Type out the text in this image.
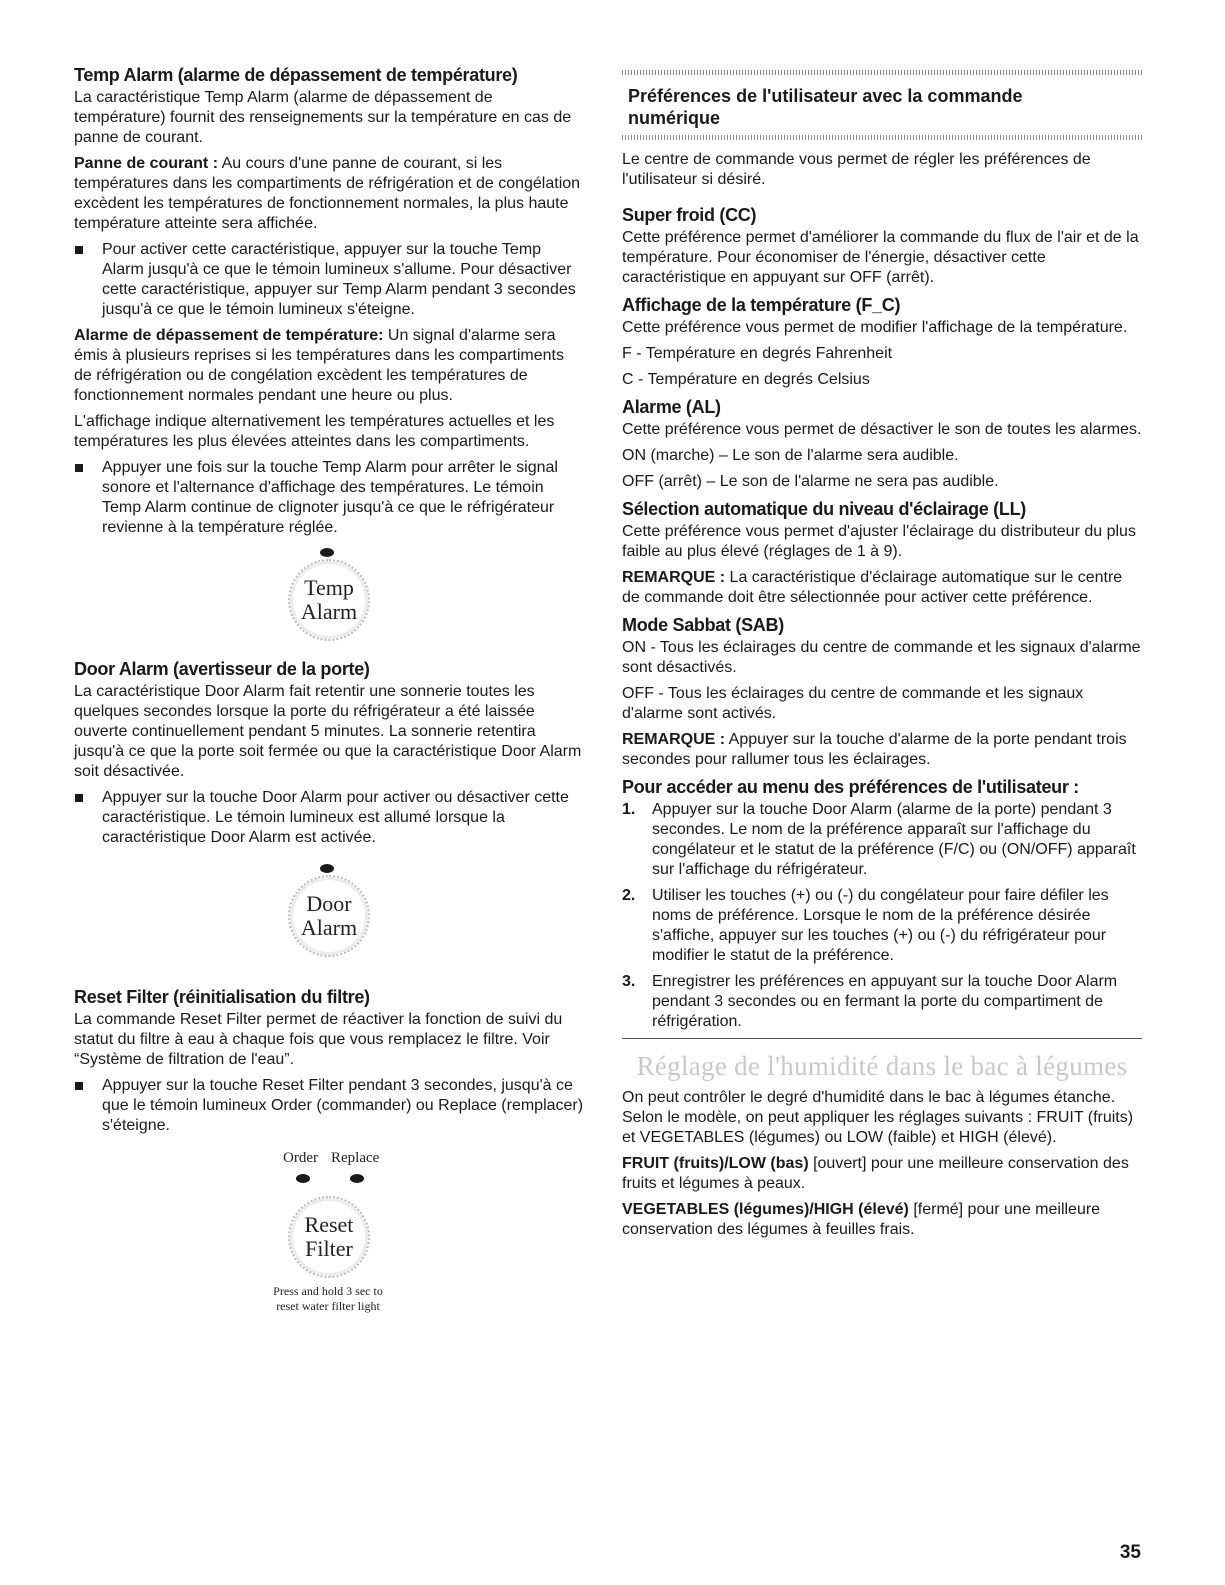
Temp Alarm (alarme de dépassement de température)

La caractéristique Temp Alarm (alarme de dépassement de température) fournit des renseignements sur la température en cas de panne de courant.

Panne de courant : Au cours d'une panne de courant, si les températures dans les compartiments de réfrigération et de congélation excèdent les températures de fonctionnement normales, la plus haute température atteinte sera affichée.

Pour activer cette caractéristique, appuyer sur la touche Temp Alarm jusqu'à ce que le témoin lumineux s'allume. Pour désactiver cette caractéristique, appuyer sur Temp Alarm pendant 3 secondes jusqu'à ce que le témoin lumineux s'éteigne.

Alarme de dépassement de température: Un signal d'alarme sera émis à plusieurs reprises si les températures dans les compartiments de réfrigération ou de congélation excèdent les températures de fonctionnement normales pendant une heure ou plus.

L'affichage indique alternativement les températures actuelles et les températures les plus élevées atteintes dans les compartiments.

Appuyer une fois sur la touche Temp Alarm pour arrêter le signal sonore et l'alternance d'affichage des températures. Le témoin Temp Alarm continue de clignoter jusqu'à ce que le réfrigérateur revienne à la température réglée.
Temp
Alarm
Door Alarm (avertisseur de la porte)

La caractéristique Door Alarm fait retentir une sonnerie toutes les quelques secondes lorsque la porte du réfrigérateur a été laissée ouverte continuellement pendant 5 minutes. La sonnerie retentira jusqu'à ce que la porte soit fermée ou que la caractéristique Door Alarm soit désactivée.

Appuyer sur la touche Door Alarm pour activer ou désactiver cette caractéristique. Le témoin lumineux est allumé lorsque la caractéristique Door Alarm est activée.
Door
Alarm
Reset Filter (réinitialisation du filtre)

La commande Reset Filter permet de réactiver la fonction de suivi du statut du filtre à eau à chaque fois que vous remplacez le filtre. Voir “Système de filtration de l'eau”.

Appuyer sur la touche Reset Filter pendant 3 secondes, jusqu'à ce que le témoin lumineux Order (commander) ou Replace (remplacer) s'éteigne.
Order Replace
Reset
Filter
Press and hold 3 sec to
reset water filter light
Préférences de l'utilisateur avec la commande
numérique

Le centre de commande vous permet de régler les préférences de l'utilisateur si désiré.

Super froid (CC)

Cette préférence permet d'améliorer la commande du flux de l'air et de la température. Pour économiser de l'énergie, désactiver cette caractéristique en appuyant sur OFF (arrêt).

Affichage de la température (F_C)

Cette préférence vous permet de modifier l'affichage de la température.

F - Température en degrés Fahrenheit

C - Température en degrés Celsius

Alarme (AL)

Cette préférence vous permet de désactiver le son de toutes les alarmes.

ON (marche) – Le son de l'alarme sera audible.

OFF (arrêt) – Le son de l'alarme ne sera pas audible.

Sélection automatique du niveau d'éclairage (LL)

Cette préférence vous permet d'ajuster l'éclairage du distributeur du plus faible au plus élevé (réglages de 1 à 9).

REMARQUE : La caractéristique d'éclairage automatique sur le centre de commande doit être sélectionnée pour activer cette préférence.

Mode Sabbat (SAB)

ON - Tous les éclairages du centre de commande et les signaux d'alarme sont désactivés.

OFF - Tous les éclairages du centre de commande et les signaux d'alarme sont activés.

REMARQUE : Appuyer sur la touche d'alarme de la porte pendant trois secondes pour rallumer tous les éclairages.

Pour accéder au menu des préférences de l'utilisateur :
1. Appuyer sur la touche Door Alarm (alarme de la porte) pendant 3 secondes. Le nom de la préférence apparaît sur l'affichage du congélateur et le statut de la préférence (F/C) ou (ON/OFF) apparaît sur l'affichage du réfrigérateur.
2. Utiliser les touches (+) ou (-) du congélateur pour faire défiler les noms de préférence. Lorsque le nom de la préférence désirée s'affiche, appuyer sur les touches (+) ou (-) du réfrigérateur pour modifier le statut de la préférence.
3. Enregistrer les préférences en appuyant sur la touche Door Alarm pendant 3 secondes ou en fermant la porte du compartiment de réfrigération.
Réglage de l'humidité dans le bac à légumes

On peut contrôler le degré d'humidité dans le bac à légumes étanche. Selon le modèle, on peut appliquer les réglages suivants : FRUIT (fruits) et VEGETABLES (légumes) ou LOW (faible) et HIGH (élevé).

FRUIT (fruits)/LOW (bas) [ouvert] pour une meilleure conservation des fruits et légumes à peaux.

VEGETABLES (légumes)/HIGH (élevé) [fermé] pour une meilleure conservation des légumes à feuilles frais.

35
